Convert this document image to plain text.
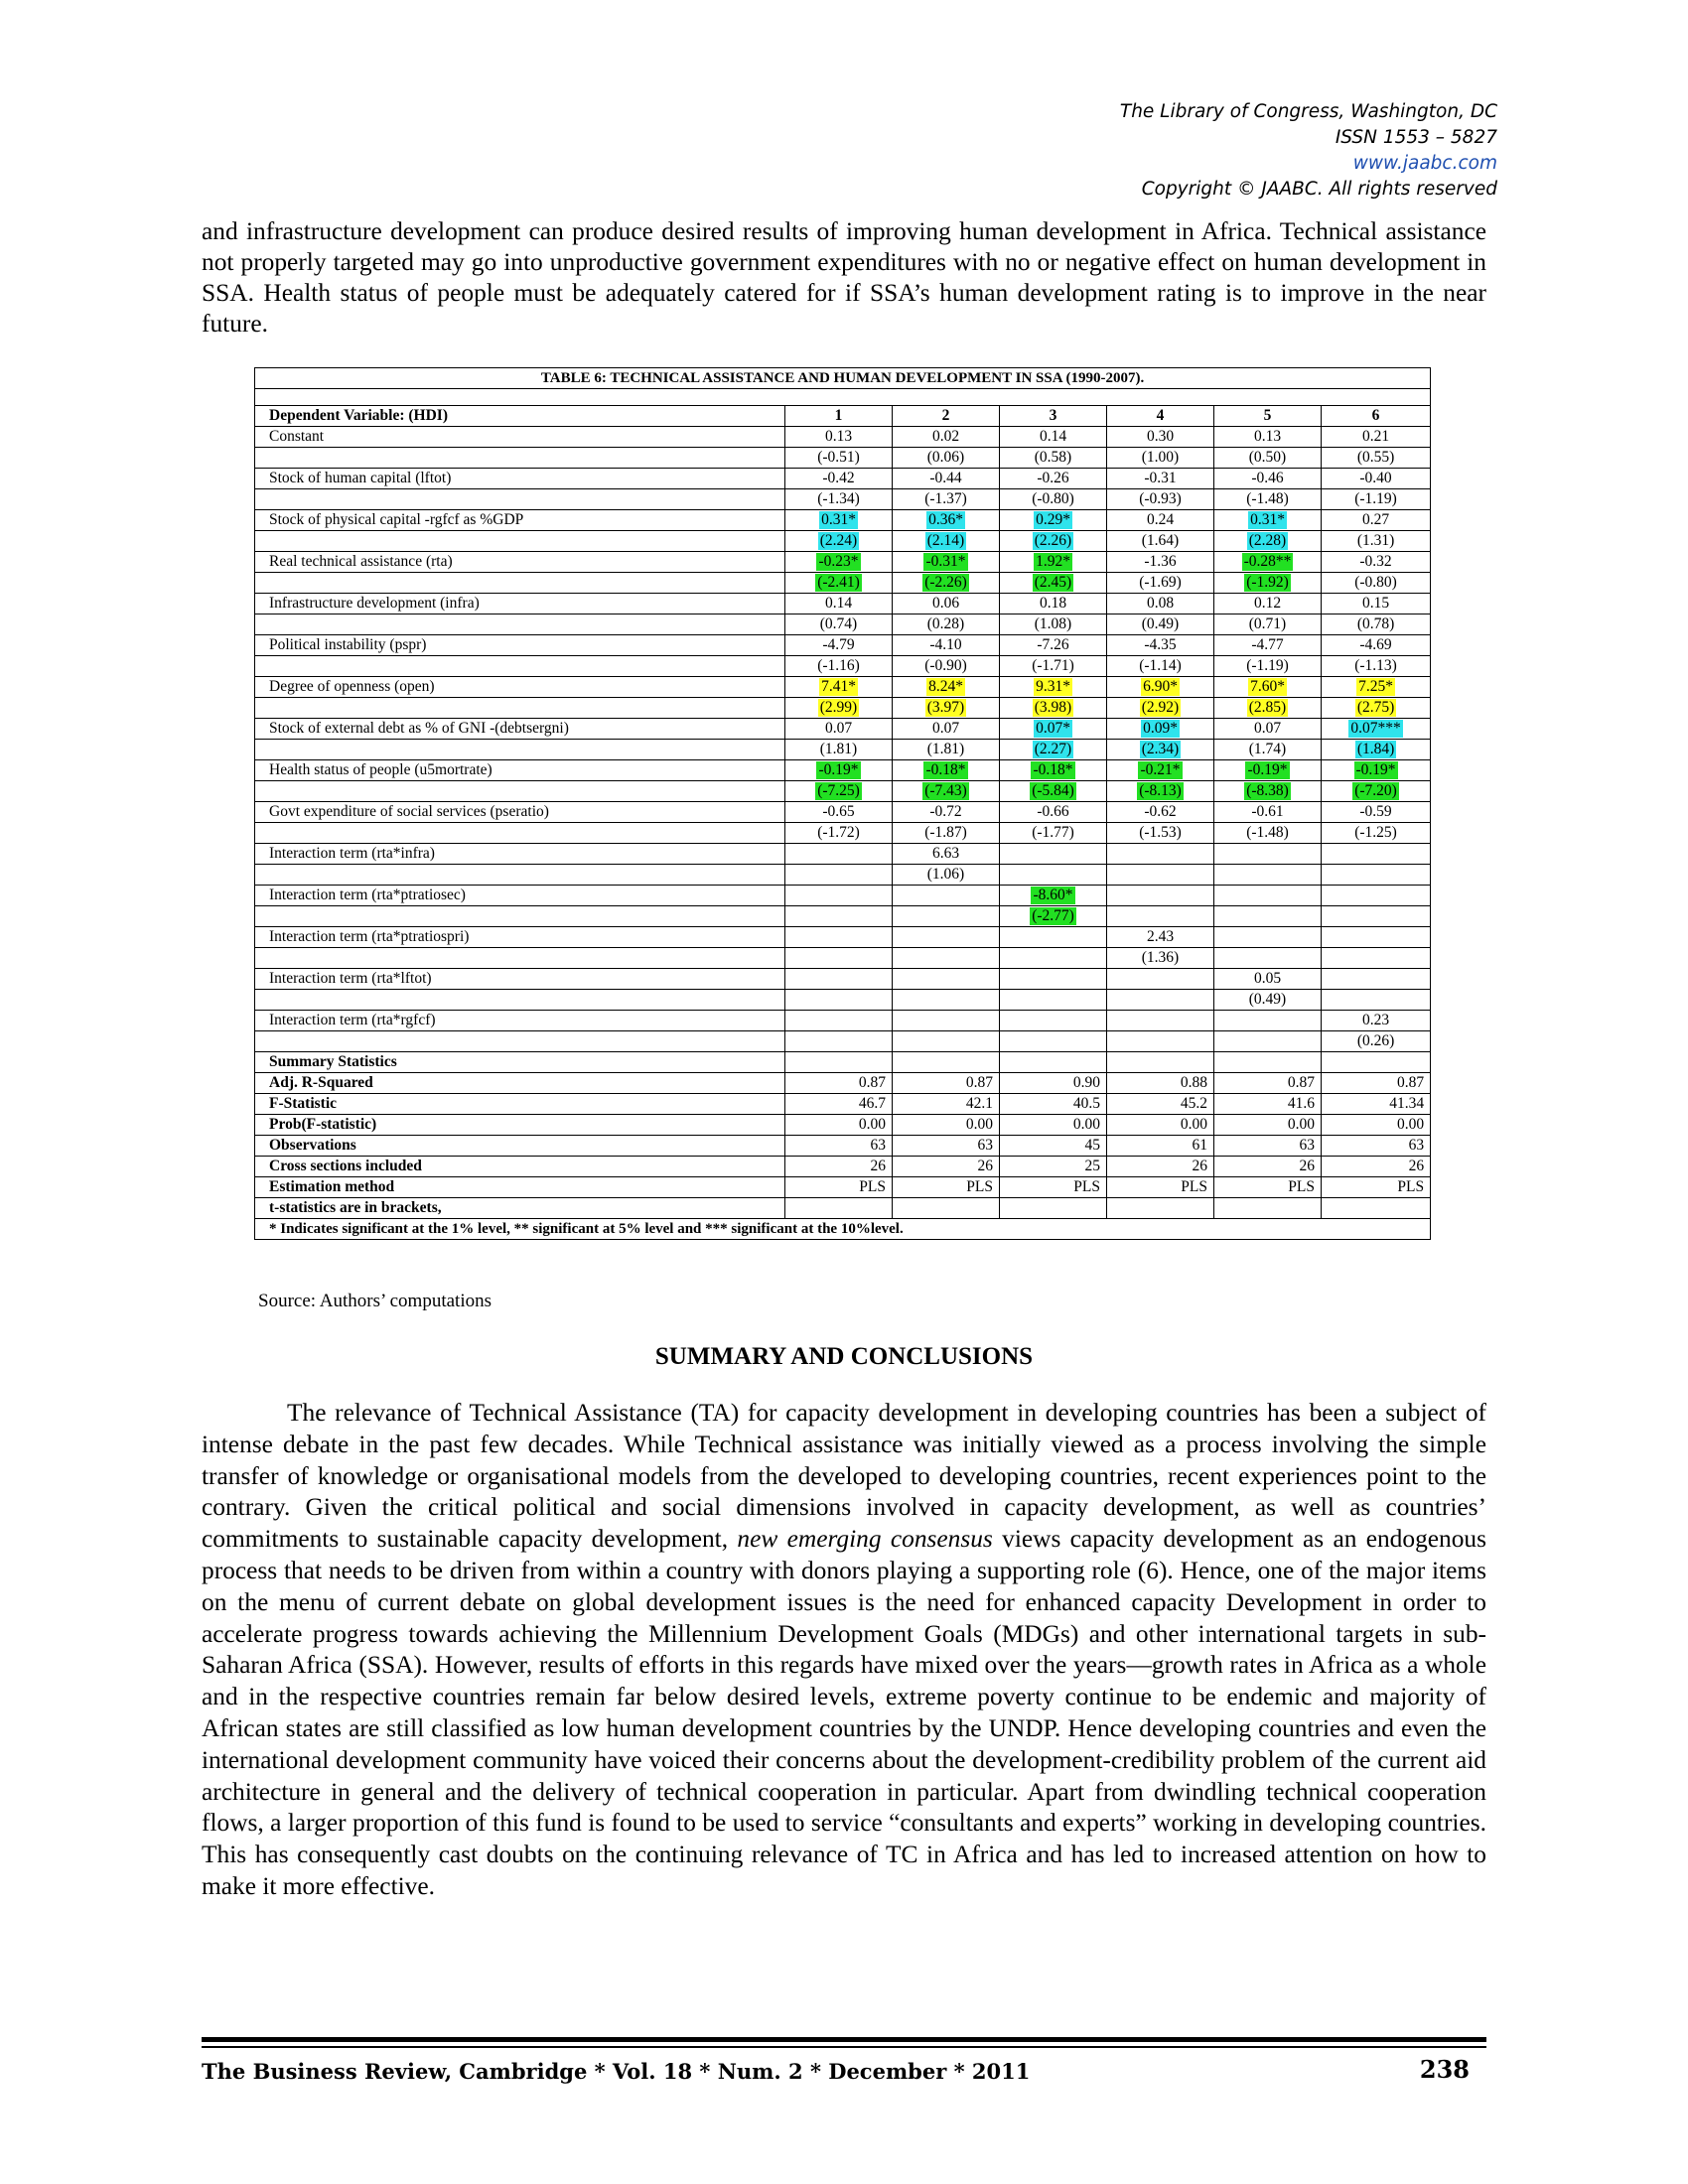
The Library of Congress, Washington, DC
ISSN 1553 – 5827
www.jaabc.com
Copyright © JAABC. All rights reserved
and infrastructure development can produce desired results of improving human development in Africa. Technical assistance not properly targeted may go into unproductive government expenditures with no or negative effect on human development in SSA. Health status of people must be adequately catered for if SSA’s human development rating is to improve in the near future.
TABLE 6: TECHNICAL ASSISTANCE AND HUMAN DEVELOPMENT IN SSA (1990-2007).						

Dependent Variable: (HDI)	1	2	3	4	5	6
Constant	0.13	0.02	0.14	0.30	0.13	0.21
	(-0.51)	(0.06)	(0.58)	(1.00)	(0.50)	(0.55)
Stock of human capital (lftot)	-0.42	-0.44	-0.26	-0.31	-0.46	-0.40
	(-1.34)	(-1.37)	(-0.80)	(-0.93)	(-1.48)	(-1.19)
Stock of physical capital -rgfcf as %GDP	0.31*	0.36*	0.29*	0.24	0.31*	0.27
	(2.24)	(2.14)	(2.26)	(1.64)	(2.28)	(1.31)
Real technical assistance (rta)	-0.23*	-0.31*	1.92*	-1.36	-0.28**	-0.32
	(-2.41)	(-2.26)	(2.45)	(-1.69)	(-1.92)	(-0.80)
Infrastructure development (infra)	0.14	0.06	0.18	0.08	0.12	0.15
	(0.74)	(0.28)	(1.08)	(0.49)	(0.71)	(0.78)
Political instability (pspr)	-4.79	-4.10	-7.26	-4.35	-4.77	-4.69
	(-1.16)	(-0.90)	(-1.71)	(-1.14)	(-1.19)	(-1.13)
Degree of openness (open)	7.41*	8.24*	9.31*	6.90*	7.60*	7.25*
	(2.99)	(3.97)	(3.98)	(2.92)	(2.85)	(2.75)
Stock of external debt as % of GNI -(debtsergni)	0.07	0.07	0.07*	0.09*	0.07	0.07***
	(1.81)	(1.81)	(2.27)	(2.34)	(1.74)	(1.84)
Health status of people (u5mortrate)	-0.19*	-0.18*	-0.18*	-0.21*	-0.19*	-0.19*
	(-7.25)	(-7.43)	(-5.84)	(-8.13)	(-8.38)	(-7.20)
Govt expenditure of social services (pseratio)	-0.65	-0.72	-0.66	-0.62	-0.61	-0.59
	(-1.72)	(-1.87)	(-1.77)	(-1.53)	(-1.48)	(-1.25)
Interaction term (rta*infra)		6.63				
		(1.06)				
Interaction term (rta*ptratiosec)			-8.60*			
			(-2.77)			
Interaction term (rta*ptratiospri)				2.43		
				(1.36)		
Interaction term (rta*lftot)					0.05	
					(0.49)	
Interaction term (rta*rgfcf)						0.23
						(0.26)
Summary Statistics						
Adj. R-Squared	0.87	0.87	0.90	0.88	0.87	0.87
F-Statistic	46.7	42.1	40.5	45.2	41.6	41.34
Prob(F-statistic)	0.00	0.00	0.00	0.00	0.00	0.00
Observations	63	63	45	61	63	63
Cross sections included	26	26	25	26	26	26
Estimation method	PLS	PLS	PLS	PLS	PLS	PLS
t-statistics are in brackets,						
* Indicates significant at the 1% level, ** significant at 5% level and *** significant at the 10%level.						
Source: Authors’ computations
SUMMARY AND CONCLUSIONS
The relevance of Technical Assistance (TA) for capacity development in developing countries has been a subject of intense debate in the past few decades. While Technical assistance was initially viewed as a process involving the simple transfer of knowledge or organisational models from the developed to developing countries, recent experiences point to the contrary. Given the critical political and social dimensions involved in capacity development, as well as countries’ commitments to sustainable capacity development, new emerging consensus views capacity development as an endogenous process that needs to be driven from within a country with donors playing a supporting role (6). Hence, one of the major items on the menu of current debate on global development issues is the need for enhanced capacity Development in order to accelerate progress towards achieving the Millennium Development Goals (MDGs) and other international targets in sub-Saharan Africa (SSA). However, results of efforts in this regards have mixed over the years—growth rates in Africa as a whole and in the respective countries remain far below desired levels, extreme poverty continue to be endemic and majority of African states are still classified as low human development countries by the UNDP. Hence developing countries and even the international development community have voiced their concerns about the development-credibility problem of the current aid architecture in general and the delivery of technical cooperation in particular. Apart from dwindling technical cooperation flows, a larger proportion of this fund is found to be used to service “consultants and experts” working in developing countries. This has consequently cast doubts on the continuing relevance of TC in Africa and has led to increased attention on how to make it more effective.
The Business Review, Cambridge * Vol. 18 * Num. 2 * December * 2011	238
